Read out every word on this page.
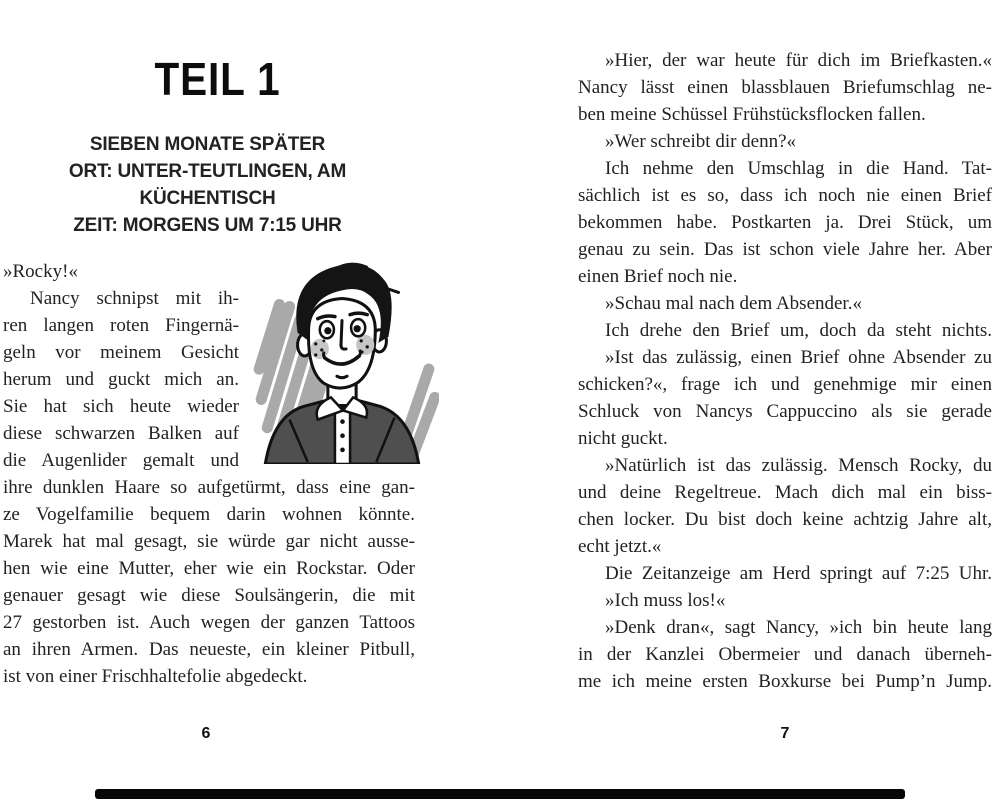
TEIL 1
SIEBEN MONATE SPÄTER
ORT: UNTER-TEUTLINGEN, AM KÜCHENTISCH
ZEIT: MORGENS UM 7:15 UHR
»Rocky!«
Nancy schnipst mit ih-
ren langen roten Fingernä-
geln vor meinem Gesicht
herum und guckt mich an.
Sie hat sich heute wieder
diese schwarzen Balken auf
die Augenlider gemalt und
ihre dunklen Haare so aufgetürmt, dass eine gan-
ze Vogelfamilie bequem darin wohnen könnte.
Marek hat mal gesagt, sie würde gar nicht ausse-
hen wie eine Mutter, eher wie ein Rockstar. Oder
genauer gesagt wie diese Soulsängerin, die mit
27 gestorben ist. Auch wegen der ganzen Tattoos
an ihren Armen. Das neueste, ein kleiner Pitbull,
ist von einer Frischhaltefolie abgedeckt.
6
»Hier, der war heute für dich im Briefkasten.«
Nancy lässt einen blassblauen Briefumschlag ne-
ben meine Schüssel Frühstücksflocken fallen.
»Wer schreibt dir denn?«
Ich nehme den Umschlag in die Hand. Tat-
sächlich ist es so, dass ich noch nie einen Brief
bekommen habe. Postkarten ja. Drei Stück, um
genau zu sein. Das ist schon viele Jahre her. Aber
einen Brief noch nie.
»Schau mal nach dem Absender.«
Ich drehe den Brief um, doch da steht nichts.
»Ist das zulässig, einen Brief ohne Absender zu
schicken?«, frage ich und genehmige mir einen
Schluck von Nancys Cappuccino als sie gerade
nicht guckt.
»Natürlich ist das zulässig. Mensch Rocky, du
und deine Regeltreue. Mach dich mal ein biss-
chen locker. Du bist doch keine achtzig Jahre alt,
echt jetzt.«
Die Zeitanzeige am Herd springt auf 7:25 Uhr.
»Ich muss los!«
»Denk dran«, sagt Nancy, »ich bin heute lang
in der Kanzlei Obermeier und danach überneh-
me ich meine ersten Boxkurse bei Pump’n Jump.
7
